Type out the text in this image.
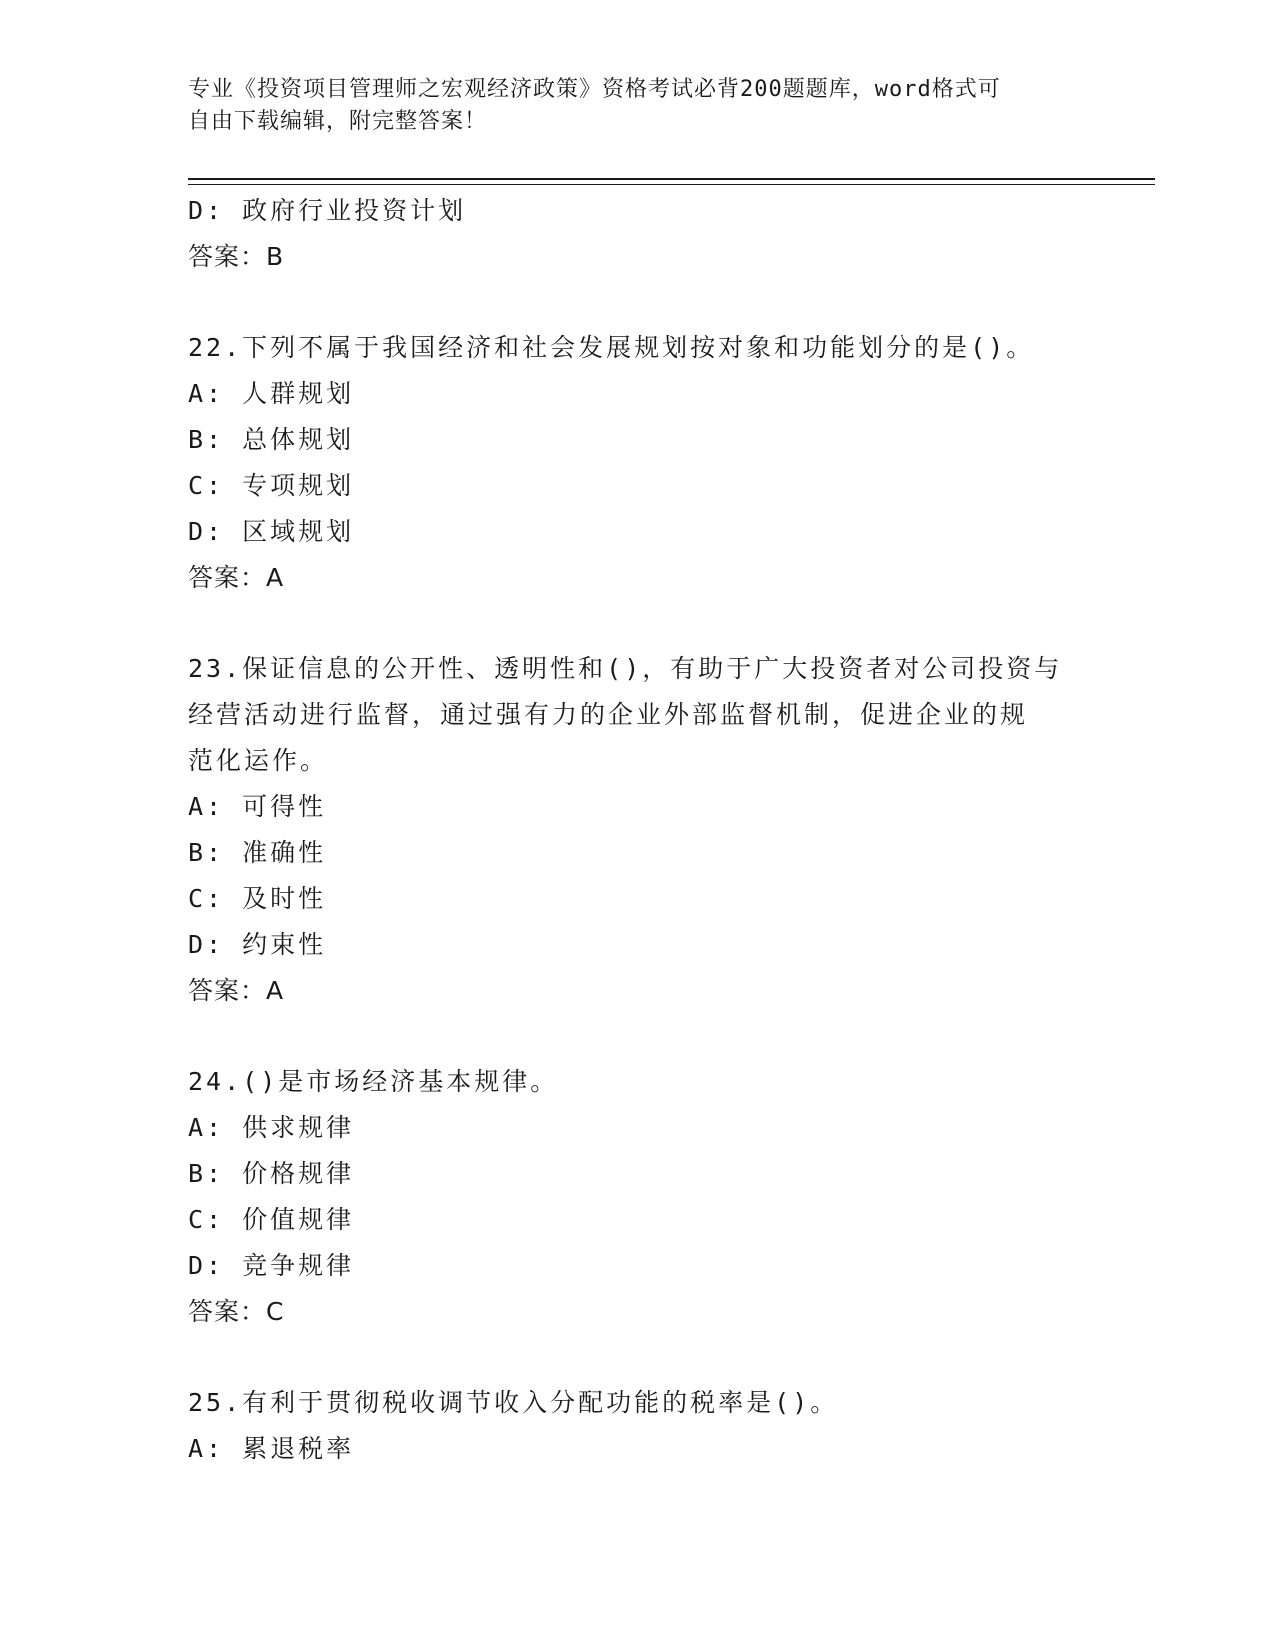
专业《投资项目管理师之宏观经济政策》资格考试必背200题题库，word格式可
自由下载编辑，附完整答案！
D: 政府行业投资计划
答案：B
22.下列不属于我国经济和社会发展规划按对象和功能划分的是()。
A: 人群规划
B: 总体规划
C: 专项规划
D: 区域规划
答案：A
23.保证信息的公开性、透明性和()，有助于广大投资者对公司投资与
经营活动进行监督，通过强有力的企业外部监督机制，促进企业的规
范化运作。
A: 可得性
B: 准确性
C: 及时性
D: 约束性
答案：A
24.()是市场经济基本规律。
A: 供求规律
B: 价格规律
C: 价值规律
D: 竞争规律
答案：C
25.有利于贯彻税收调节收入分配功能的税率是()。
A: 累退税率
